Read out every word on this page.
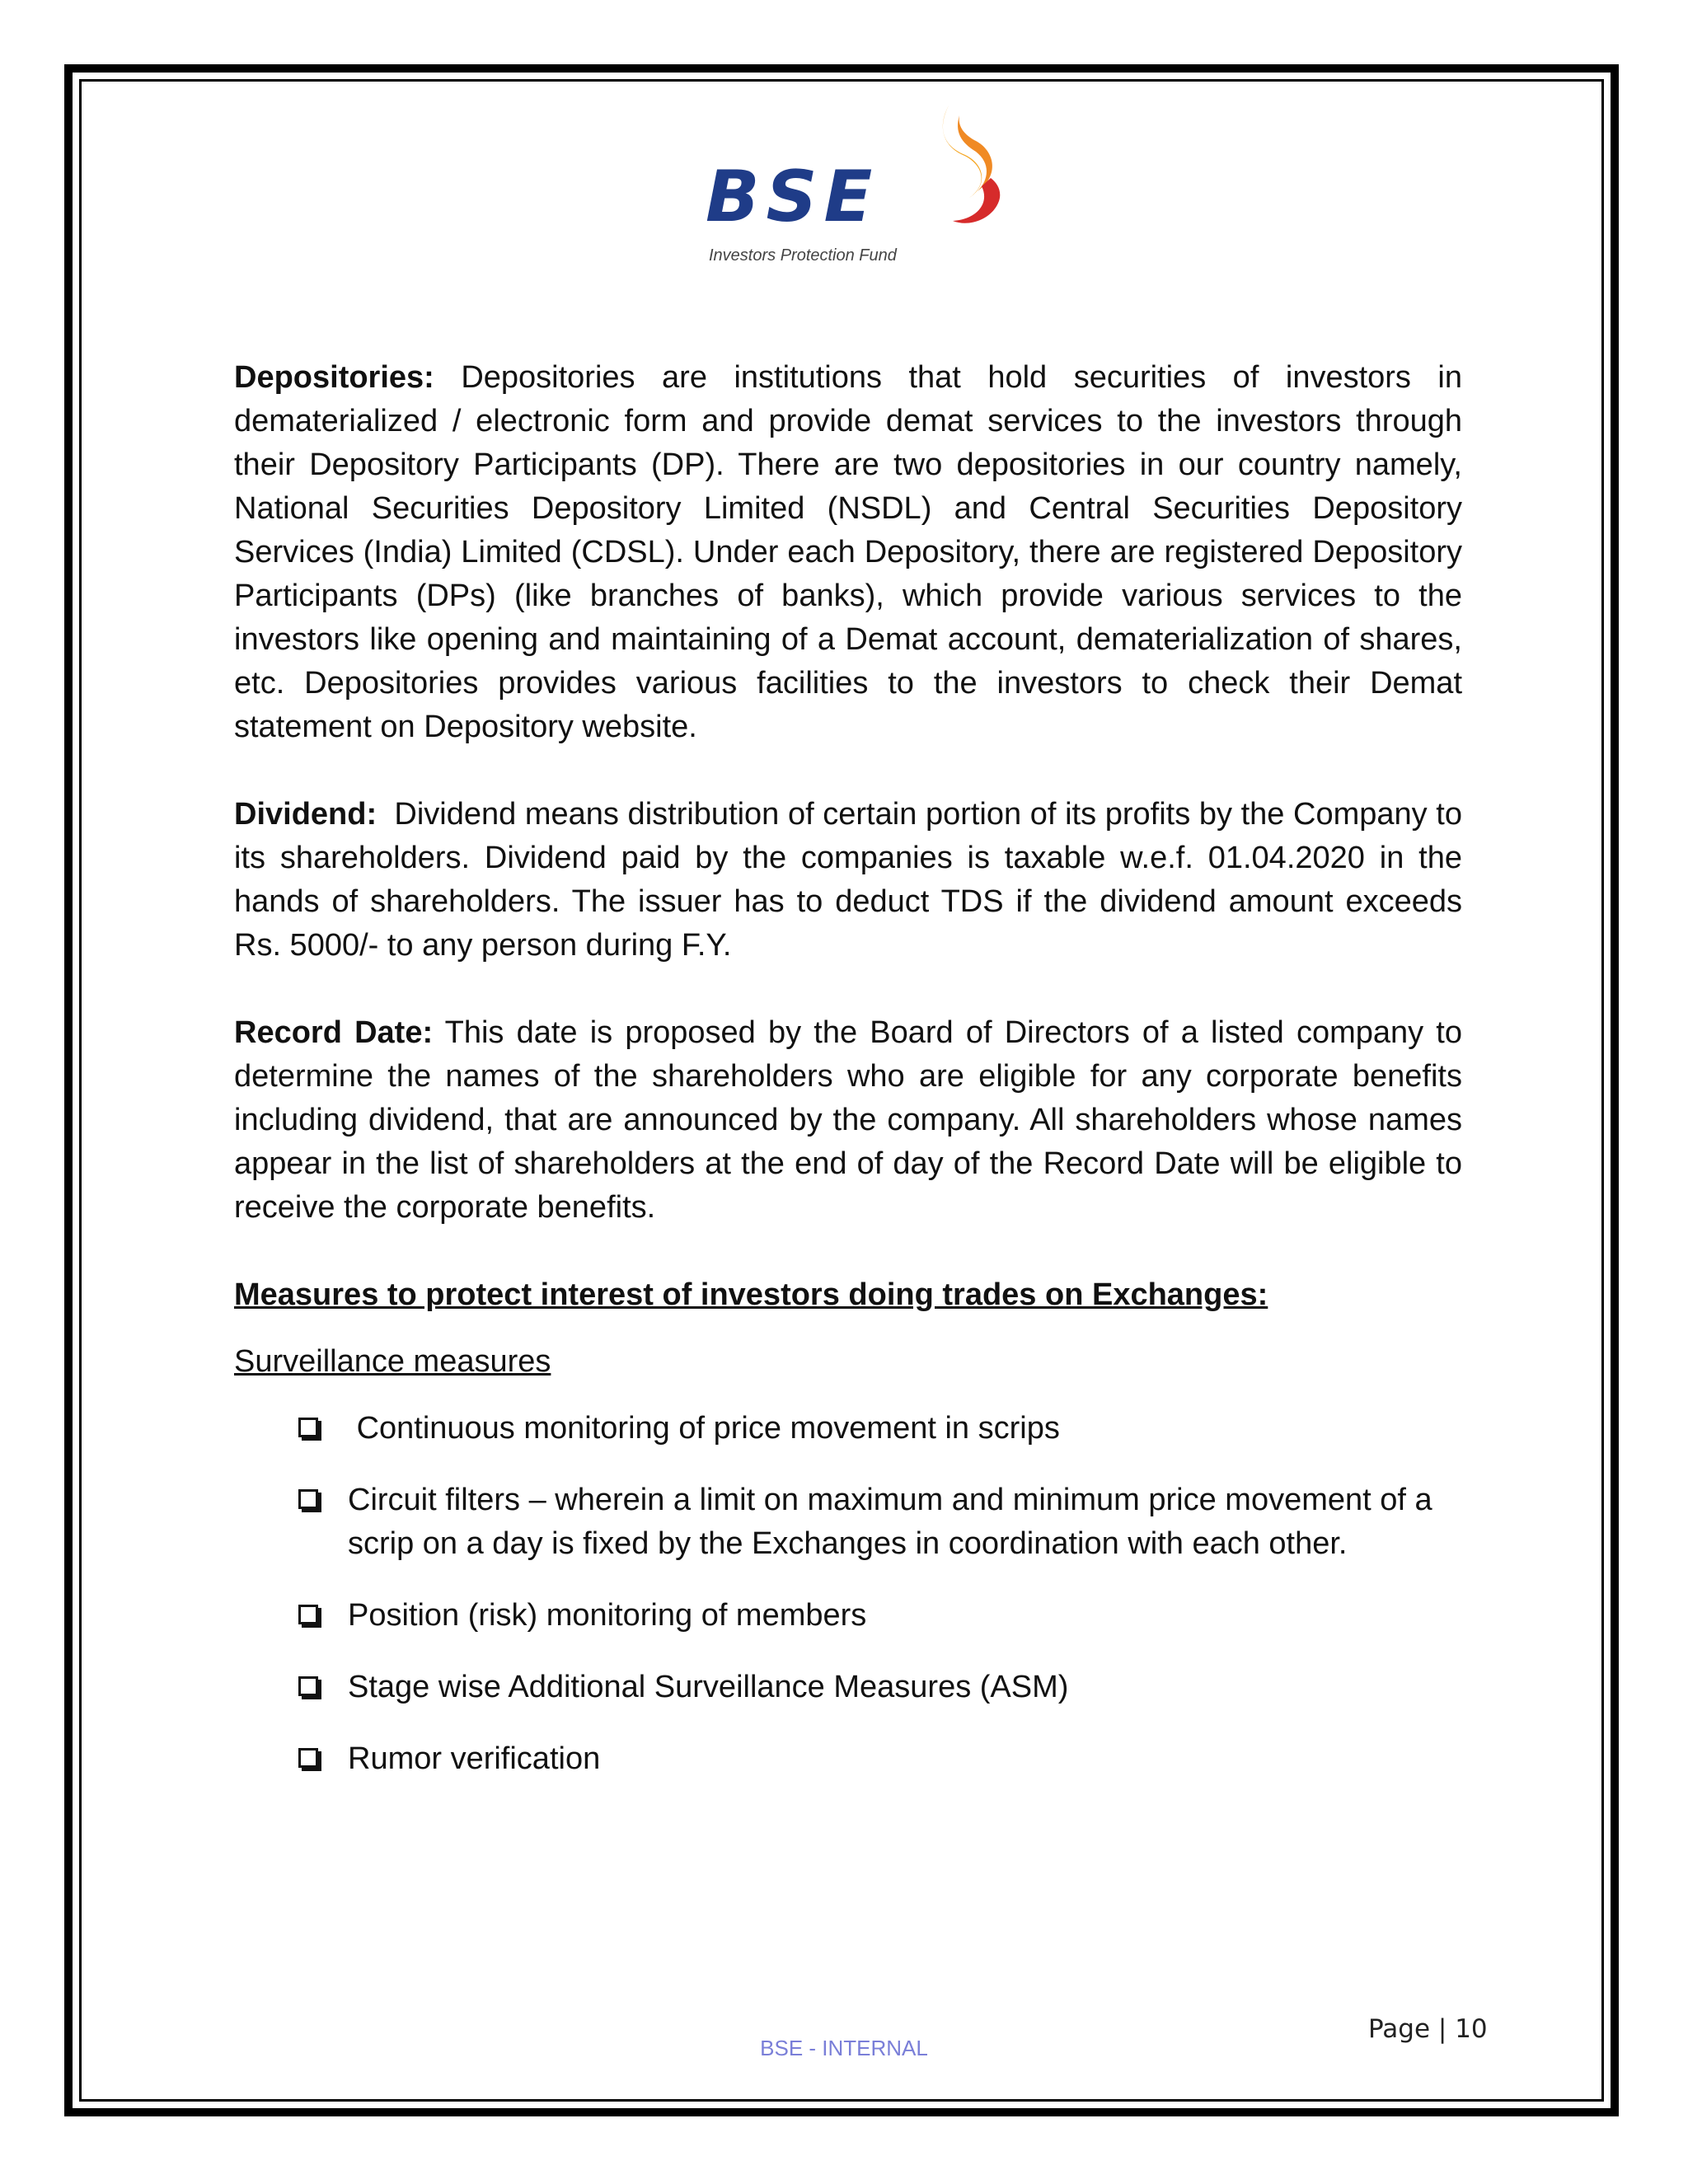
BSE
Investors Protection Fund

Depositories: Depositories are institutions that hold securities of investors in dematerialized / electronic form and provide demat services to the investors through their Depository Participants (DP). There are two depositories in our country namely, National Securities Depository Limited (NSDL) and Central Securities Depository Services (India) Limited (CDSL). Under each Depository, there are registered Depository Participants (DPs) (like branches of banks), which provide various services to the investors like opening and maintaining of a Demat account, dematerialization of shares, etc. Depositories provides various facilities to the investors to check their Demat statement on Depository website.

Dividend:  Dividend means distribution of certain portion of its profits by the Company to its shareholders. Dividend paid by the companies is taxable w.e.f. 01.04.2020 in the hands of shareholders. The issuer has to deduct TDS if the dividend amount exceeds Rs. 5000/- to any person during F.Y.

Record Date: This date is proposed by the Board of Directors of a listed company to determine the names of the shareholders who are eligible for any corporate benefits including dividend, that are announced by the company. All shareholders whose names appear in the list of shareholders at the end of day of the Record Date will be eligible to receive the corporate benefits.

Measures to protect interest of investors doing trades on Exchanges:
Surveillance measures
Continuous monitoring of price movement in scrips
Circuit filters – wherein a limit on maximum and minimum price movement of a scrip on a day is fixed by the Exchanges in coordination with each other.
Position (risk) monitoring of members
Stage wise Additional Surveillance Measures (ASM)
Rumor verification
Page | 10
BSE - INTERNAL
